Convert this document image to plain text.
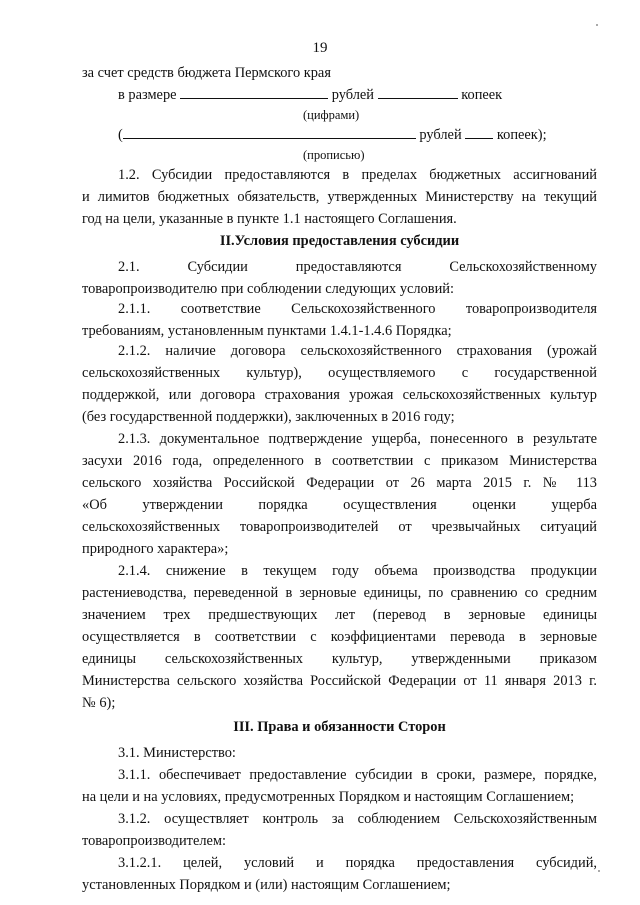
19
за счет средств бюджета Пермского края
в размере	рублей	копеек
(цифрами)
(	рублей копеек);
(прописью)
1.2. Субсидии предоставляются в пределах бюджетных ассигнований
и лимитов бюджетных обязательств, утвержденных Министерству на текущий
год на цели, указанные в пункте 1.1 настоящего Соглашения.
II.Условия предоставления субсидии
2.1. Субсидии предоставляются Сельскохозяйственному
товаропроизводителю при соблюдении следующих условий:
2.1.1. соответствие Сельскохозяйственного товаропроизводителя
требованиям, установленным пунктами 1.4.1-1.4.6 Порядка;
2.1.2. наличие договора сельскохозяйственного страхования (урожай
сельскохозяйственных культур), осуществляемого с государственной
поддержкой, или договора страхования урожая сельскохозяйственных культур
(без государственной поддержки), заключенных в 2016 году;
2.1.3. документальное подтверждение ущерба, понесенного в результате
засухи 2016 года, определенного в соответствии с приказом Министерства
сельского хозяйства Российской Федерации от 26 марта 2015 г. № 113
«Об утверждении порядка осуществления оценки ущерба
сельскохозяйственных товаропроизводителей от чрезвычайных ситуаций
природного характера»;
2.1.4. снижение в текущем году объема производства продукции
растениеводства, переведенной в зерновые единицы, по сравнению со средним
значением трех предшествующих лет (перевод в зерновые единицы
осуществляется в соответствии с коэффициентами перевода в зерновые
единицы сельскохозяйственных культур, утвержденными приказом
Министерства сельского хозяйства Российской Федерации от 11 января 2013 г.
№ 6);
III. Права и обязанности Сторон
3.1. Министерство:
3.1.1. обеспечивает предоставление субсидии в сроки, размере, порядке,
на цели и на условиях, предусмотренных Порядком и настоящим Соглашением;
3.1.2. осуществляет контроль за соблюдением Сельскохозяйственным
товаропроизводителем:
3.1.2.1. целей, условий и порядка предоставления субсидий,
установленных Порядком и (или) настоящим Соглашением;
